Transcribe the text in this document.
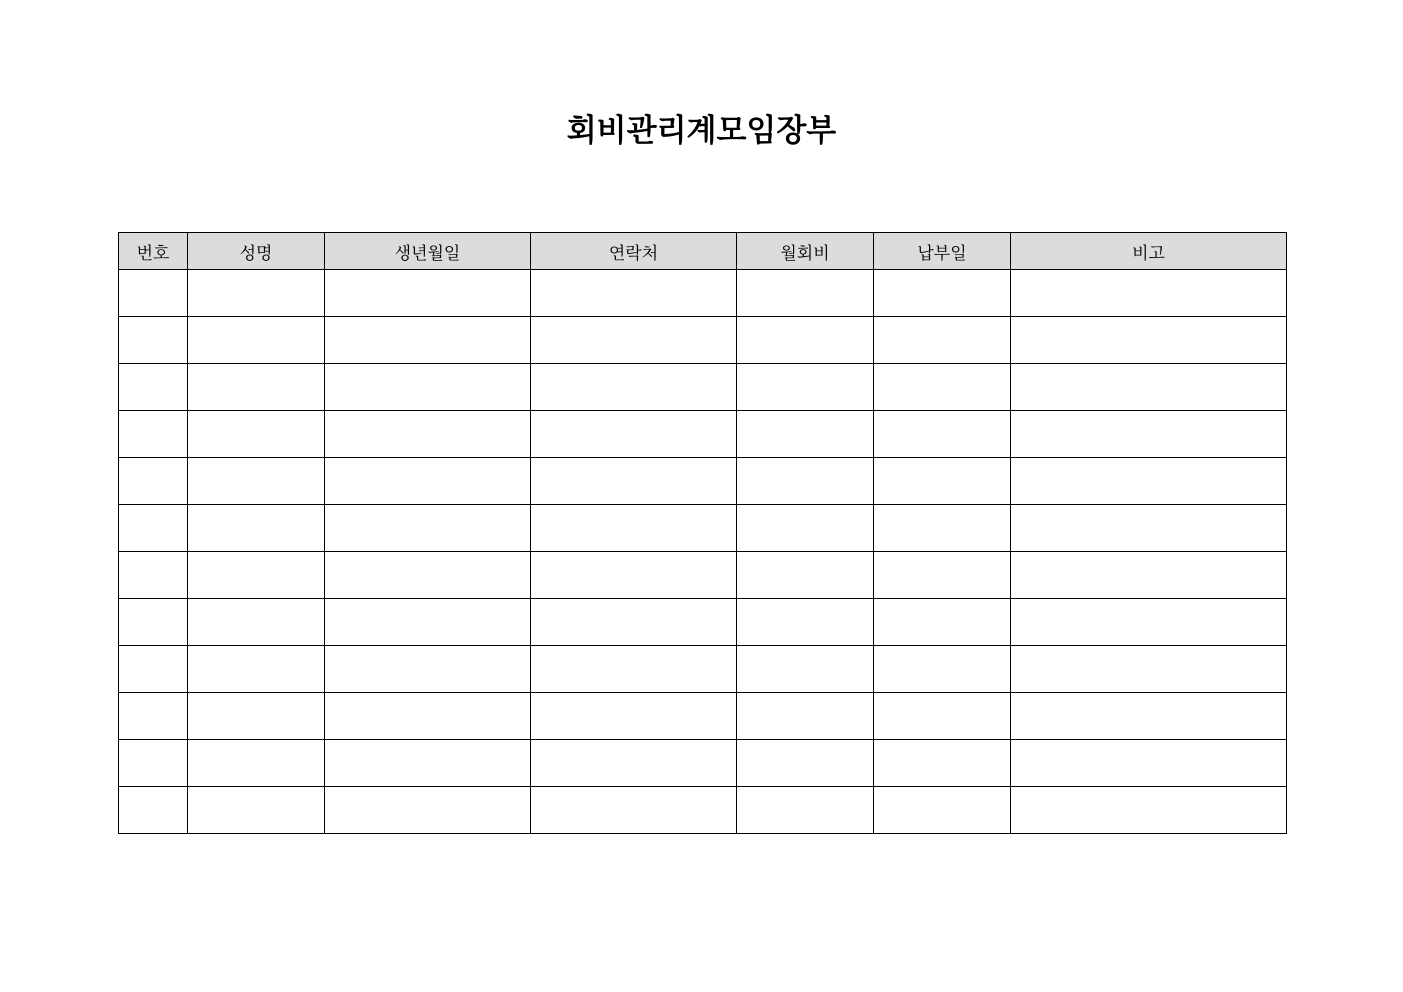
회비관리계모임장부
번호	성명	생년월일	연락처	월회비	납부일	비고
